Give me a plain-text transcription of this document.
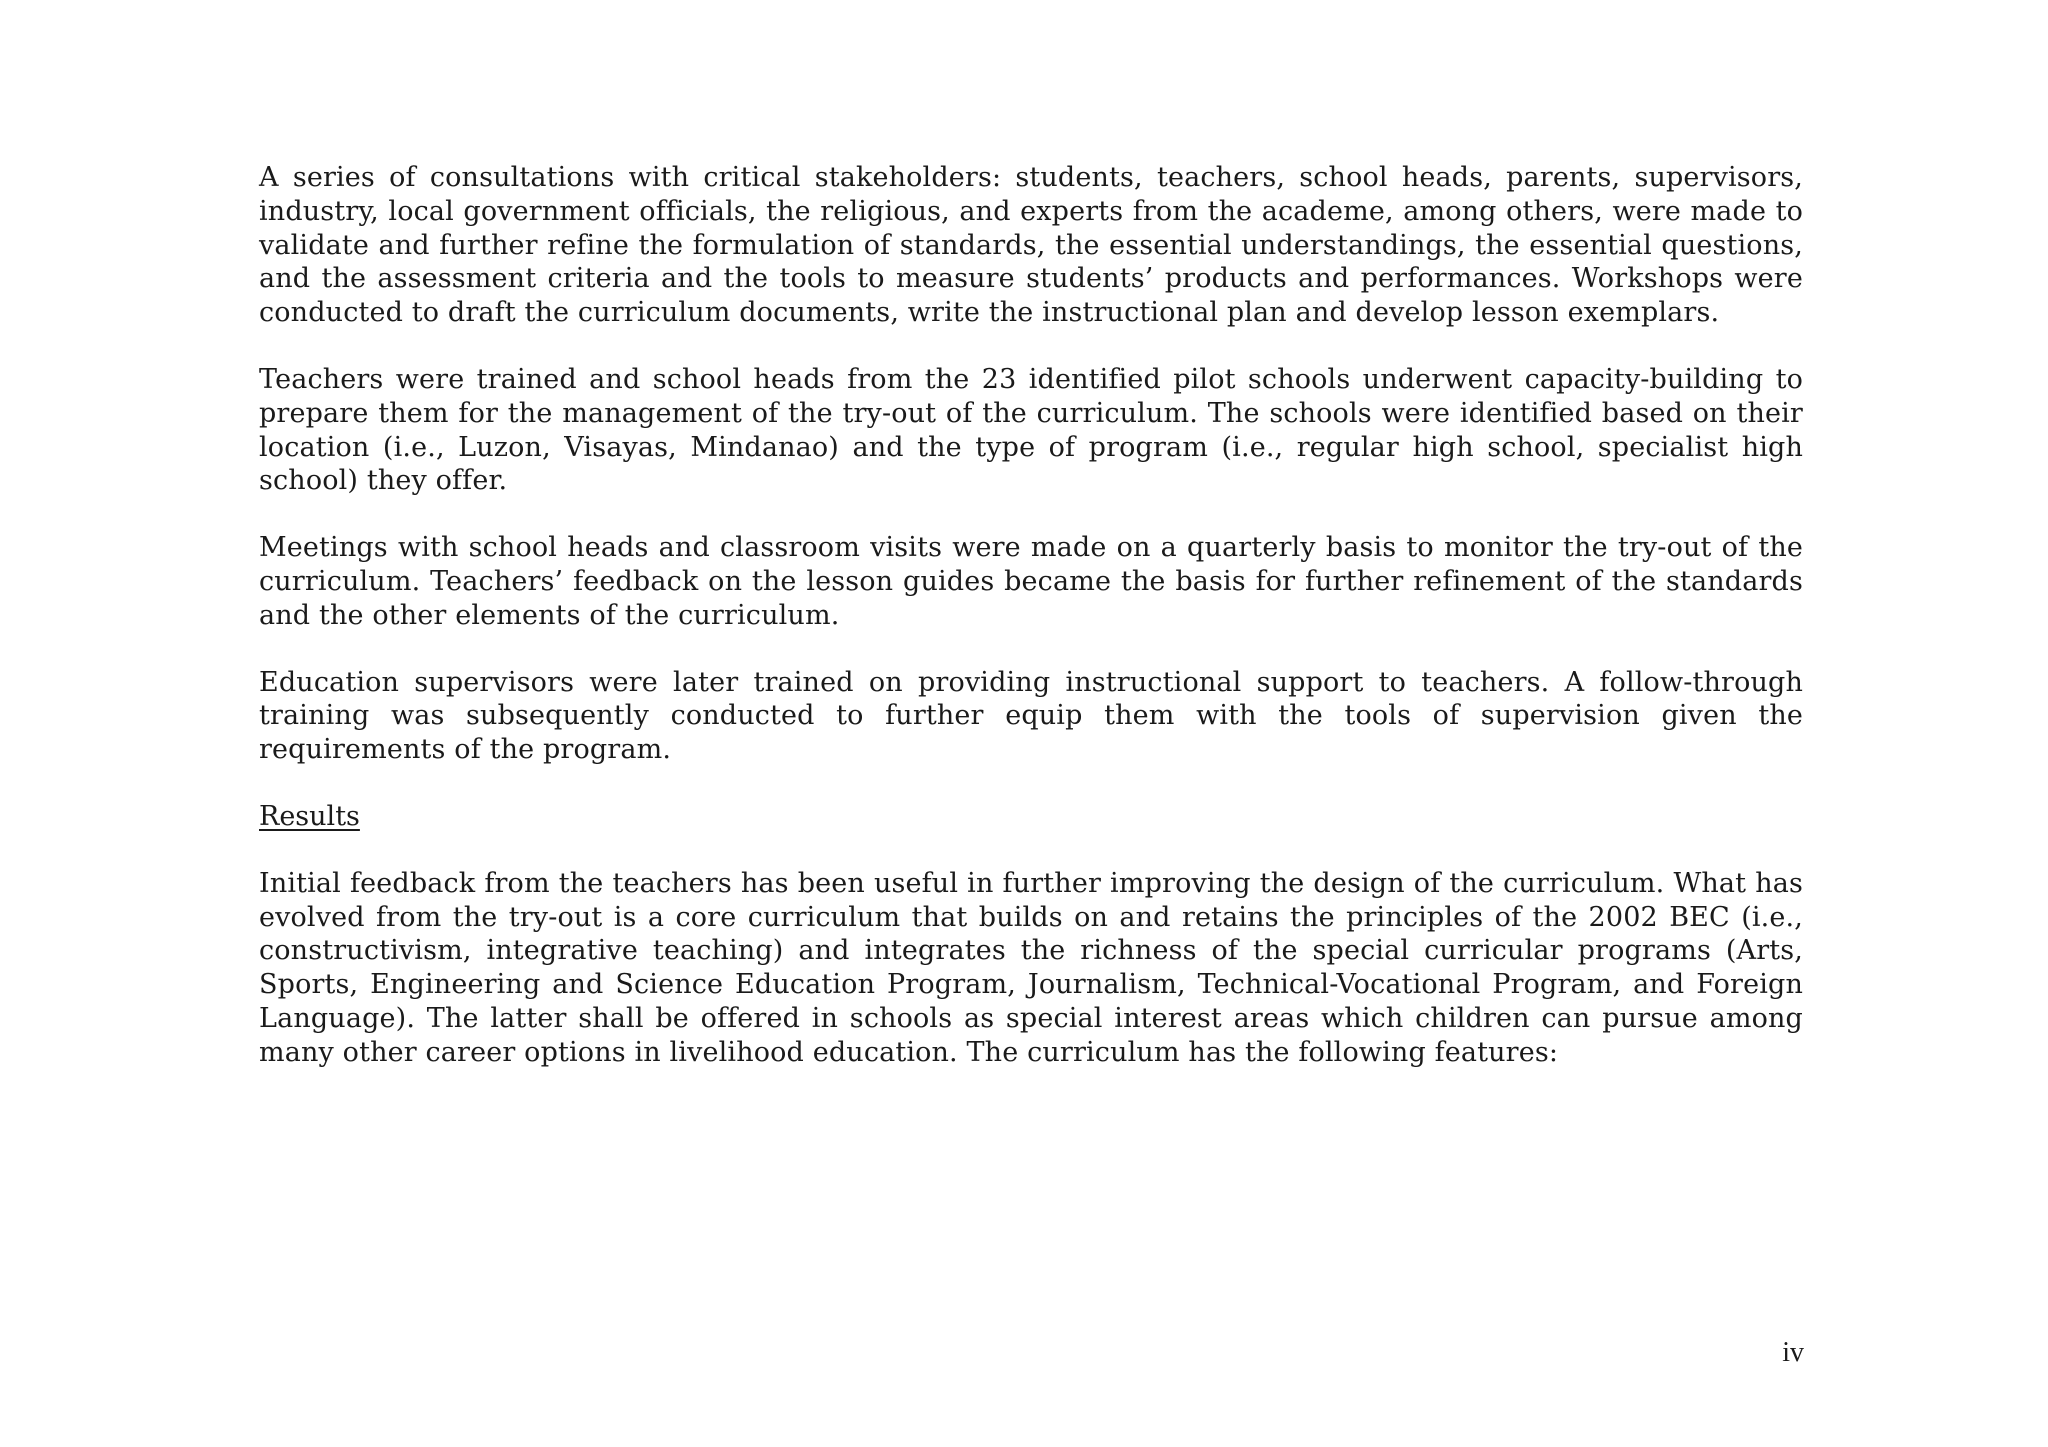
A series of consultations with critical stakeholders: students, teachers, school heads, parents, supervisors, industry, local government officials, the religious, and experts from the academe, among others, were made to validate and further refine the formulation of standards, the essential understandings, the essential questions, and the assessment criteria and the tools to measure students’ products and performances. Workshops were conducted to draft the curriculum documents, write the instructional plan and develop lesson exemplars.

Teachers were trained and school heads from the 23 identified pilot schools underwent capacity-building to prepare them for the management of the try-out of the curriculum. The schools were identified based on their location (i.e., Luzon, Visayas, Mindanao) and the type of program (i.e., regular high school, specialist high school) they offer.

Meetings with school heads and classroom visits were made on a quarterly basis to monitor the try-out of the curriculum. Teachers’ feedback on the lesson guides became the basis for further refinement of the standards and the other elements of the curriculum.

Education supervisors were later trained on providing instructional support to teachers. A follow-through training was subsequently conducted to further equip them with the tools of supervision given the requirements of the program.

Results

Initial feedback from the teachers has been useful in further improving the design of the curriculum. What has evolved from the try-out is a core curriculum that builds on and retains the principles of the 2002 BEC (i.e., constructivism, integrative teaching) and integrates the richness of the special curricular programs (Arts, Sports, Engineering and Science Education Program, Journalism, Technical-Vocational Program, and Foreign Language). The latter shall be offered in schools as special interest areas which children can pursue among many other career options in livelihood education. The curriculum has the following features:

iv
